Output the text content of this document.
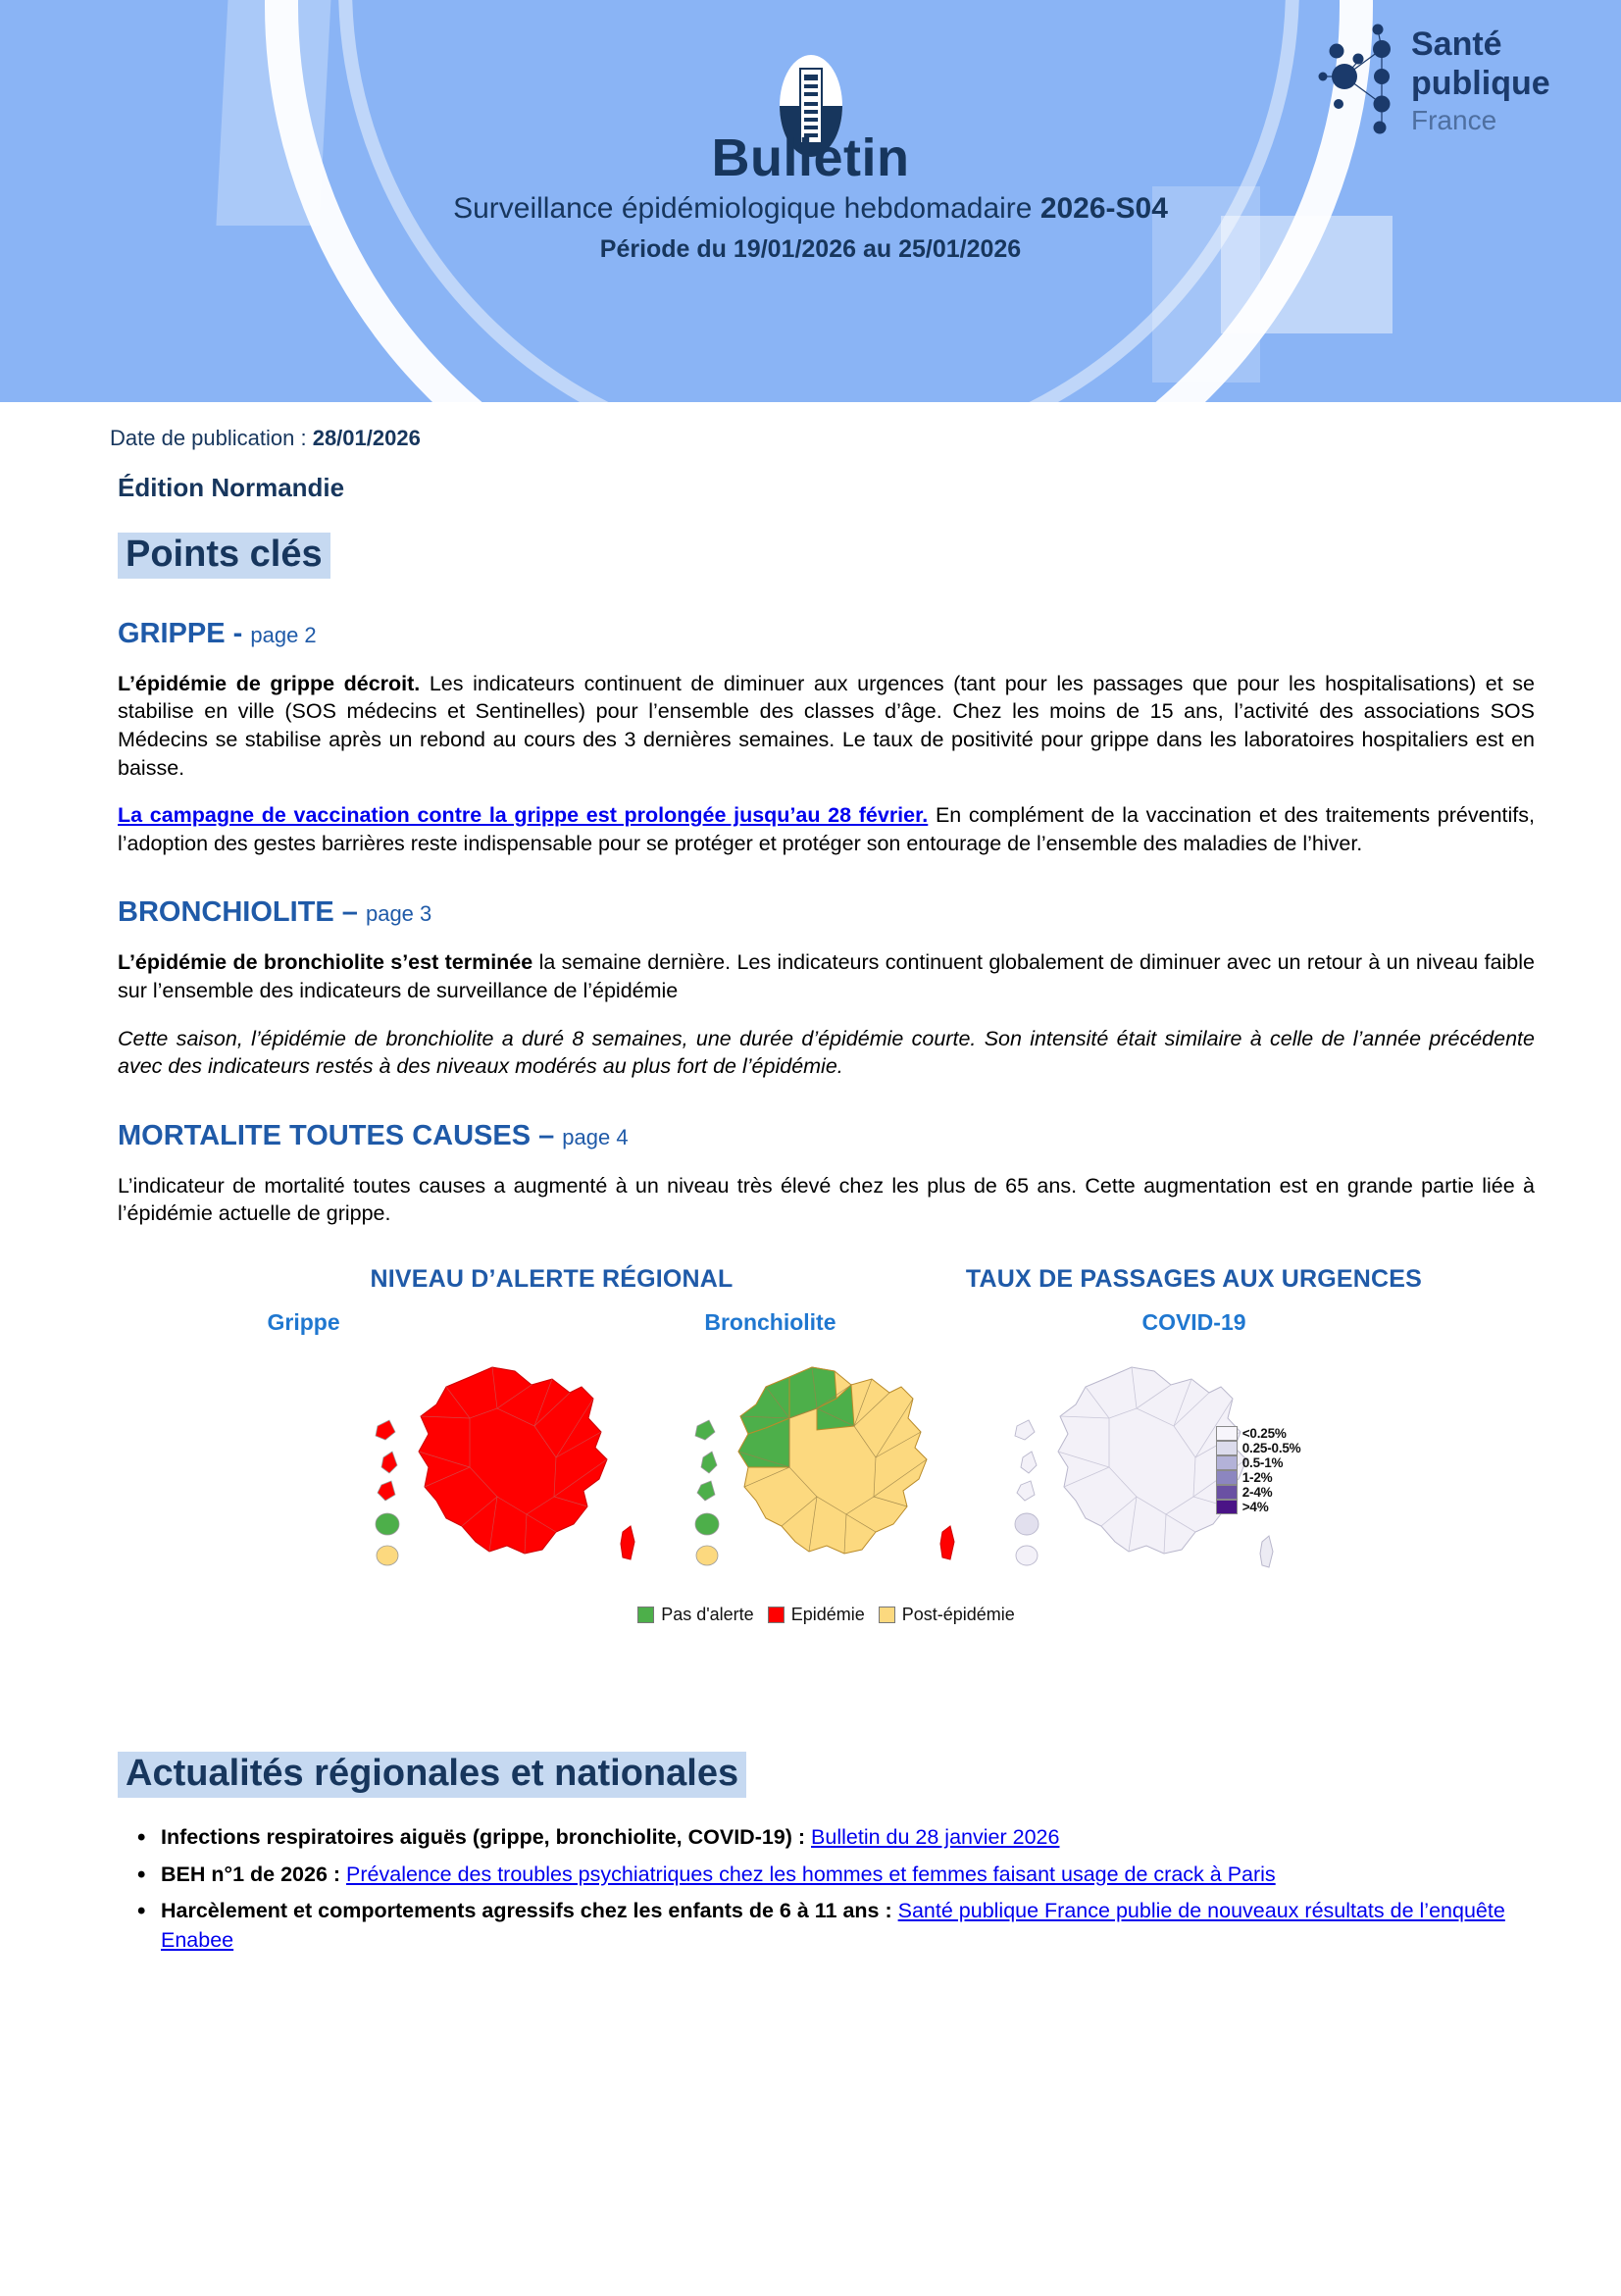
Santé
publique
France
Bulletin
Surveillance épidémiologique hebdomadaire 2026-S04
Période du 19/01/2026 au 25/01/2026
Date de publication : 28/01/2026
Édition Normandie
Points clés
GRIPPE - page 2

L’épidémie de grippe décroit. Les indicateurs continuent de diminuer aux urgences (tant pour les passages que pour les hospitalisations) et se stabilise en ville (SOS médecins et Sentinelles) pour l’ensemble des classes d’âge. Chez les moins de 15 ans, l’activité des associations SOS Médecins se stabilise après un rebond au cours des 3 dernières semaines. Le taux de positivité pour grippe dans les laboratoires hospitaliers est en baisse.

La campagne de vaccination contre la grippe est prolongée jusqu’au 28 février. En complément de la vaccination et des traitements préventifs, l’adoption des gestes barrières reste indispensable pour se protéger et protéger son entourage de l’ensemble des maladies de l’hiver.

BRONCHIOLITE – page 3

L’épidémie de bronchiolite s’est terminée la semaine dernière. Les indicateurs continuent globalement de diminuer avec un retour à un niveau faible sur l’ensemble des indicateurs de surveillance de l’épidémie

Cette saison, l’épidémie de bronchiolite a duré 8 semaines, une durée d’épidémie courte. Son intensité était similaire à celle de l’année précédente avec des indicateurs restés à des niveaux modérés au plus fort de l’épidémie.

MORTALITE TOUTES CAUSES – page 4

L’indicateur de mortalité toutes causes a augmenté à un niveau très élevé chez les plus de 65 ans. Cette augmentation est en grande partie liée à l’épidémie actuelle de grippe.

NIVEAU D’ALERTE RÉGIONAL
Grippe	Bronchiolite
TAUX DE PASSAGES AUX URGENCES
COVID-19
<0.25%
0.25-0.5%
0.5-1%
1-2%
2-4%
>4%
Pas d'alerte Epidémie Post-épidémie
Actualités régionales et nationales
• Infections respiratoires aiguës (grippe, bronchiolite, COVID-19) : Bulletin du 28 janvier 2026
• BEH n°1 de 2026 : Prévalence des troubles psychiatriques chez les hommes et femmes faisant usage de crack à Paris
• Harcèlement et comportements agressifs chez les enfants de 6 à 11 ans : Santé publique France publie de nouveaux résultats de l’enquête Enabee
